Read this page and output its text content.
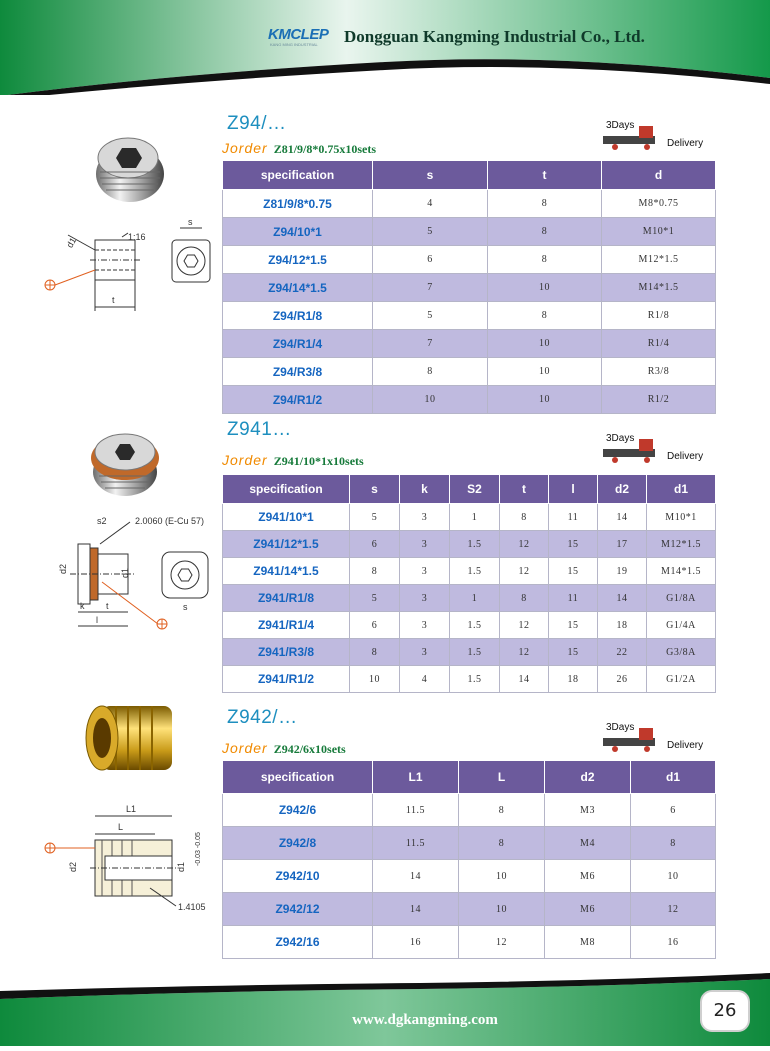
KMCLEP
KANG MING INDUSTRIAL Dongguan Kangming Industrial Co., Ltd.
d1	1:16
t
s
Z94/…
Jorder Z81/9/8*0.75x10sets
3Days
Delivery
specification	s	t	d
Z81/9/8*0.75	4	8	M8*0.75
Z94/10*1	5	8	M10*1
Z94/12*1.5	6	8	M12*1.5
Z94/14*1.5	7	10	M14*1.5
Z94/R1/8	5	8	R1/8
Z94/R1/4	7	10	R1/4
Z94/R3/8	8	10	R3/8
Z94/R1/2	10	10	R1/2
s2	2.0060 (E-Cu 57)
d2	d1
k t
l
s
Z941…
Jorder Z941/10*1x10sets
3Days
Delivery
specification	s	k	S2	t	l	d2	d1
Z941/10*1	5	3	1	8	11	14	M10*1
Z941/12*1.5	6	3	1.5	12	15	17	M12*1.5
Z941/14*1.5	8	3	1.5	12	15	19	M14*1.5
Z941/R1/8	5	3	1	8	11	14	G1/8A
Z941/R1/4	6	3	1.5	12	15	18	G1/4A
Z941/R3/8	8	3	1.5	12	15	22	G3/8A
Z941/R1/2	10	4	1.5	14	18	26	G1/2A
L1
L
d2	d1
-0.03 -0.05
1.4105
Z942/…
Jorder Z942/6x10sets
3Days
Delivery
specification	L1	L	d2	d1
Z942/6	11.5	8	M3	6
Z942/8	11.5	8	M4	8
Z942/10	14	10	M6	10
Z942/12	14	10	M6	12
Z942/16	16	12	M8	16
www.dgkangming.com	26
